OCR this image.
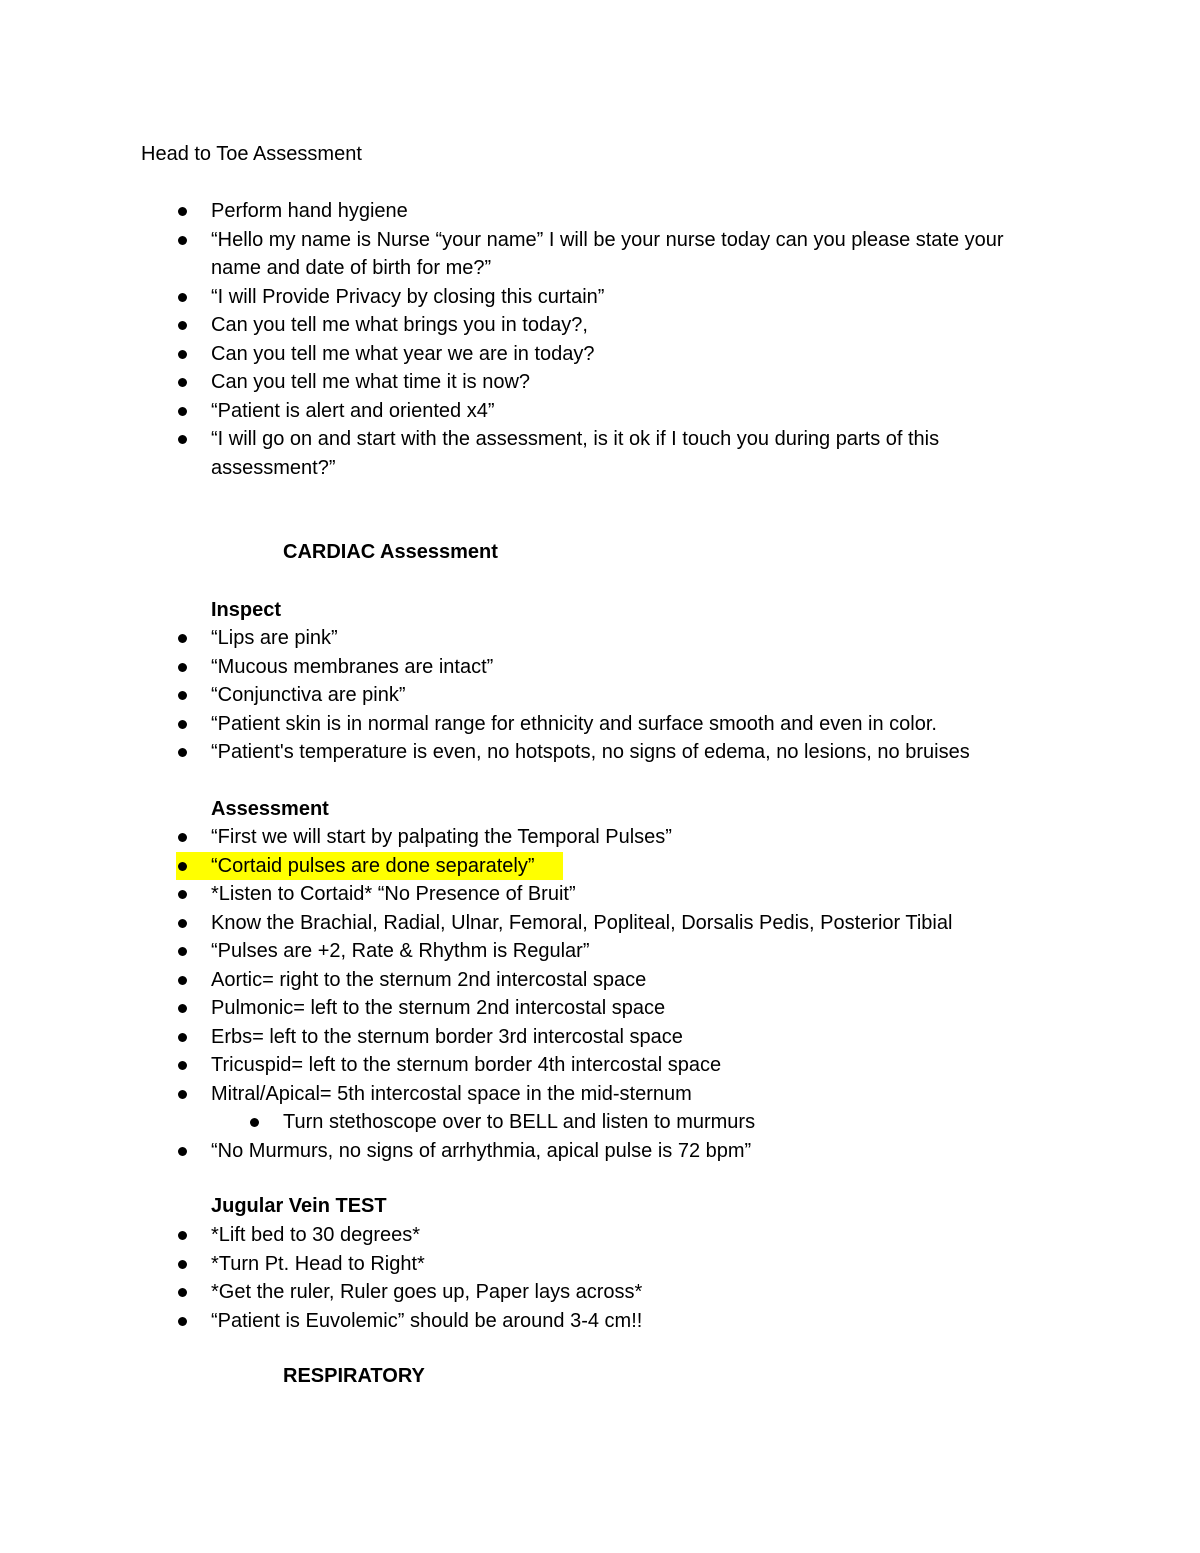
Head to Toe Assessment
Perform hand hygiene
“Hello my name is Nurse “your name” I will be your nurse today can you please state your name and date of birth for me?”
“I will Provide Privacy by closing this curtain”
Can you tell me what brings you in today?,
Can you tell me what year we are in today?
Can you tell me what time it is now?
“Patient is alert and oriented x4”
“I will go on and start with the assessment, is it ok if I touch you during parts of this assessment?”
CARDIAC Assessment
Inspect
“Lips are pink”
“Mucous membranes are intact”
“Conjunctiva are pink”
“Patient skin is in normal range for ethnicity and surface smooth and even in color.
“Patient's temperature is even, no hotspots, no signs of edema, no lesions, no bruises
Assessment
“First we will start by palpating the Temporal Pulses”
“Cortaid pulses are done separately”
*Listen to Cortaid* “No Presence of Bruit”
Know the Brachial, Radial, Ulnar, Femoral, Popliteal, Dorsalis Pedis, Posterior Tibial
“Pulses are +2, Rate & Rhythm is Regular”
Aortic= right to the sternum 2nd intercostal space
Pulmonic= left to the sternum 2nd intercostal space
Erbs= left to the sternum border 3rd intercostal space
Tricuspid= left to the sternum border 4th intercostal space
Mitral/Apical= 5th intercostal space in the mid-sternum
Turn stethoscope over to BELL and listen to murmurs
“No Murmurs, no signs of arrhythmia, apical pulse is 72 bpm”
Jugular Vein TEST
*Lift bed to 30 degrees*
*Turn Pt. Head to Right*
*Get the ruler, Ruler goes up, Paper lays across*
“Patient is Euvolemic” should be around 3-4 cm!!
RESPIRATORY
